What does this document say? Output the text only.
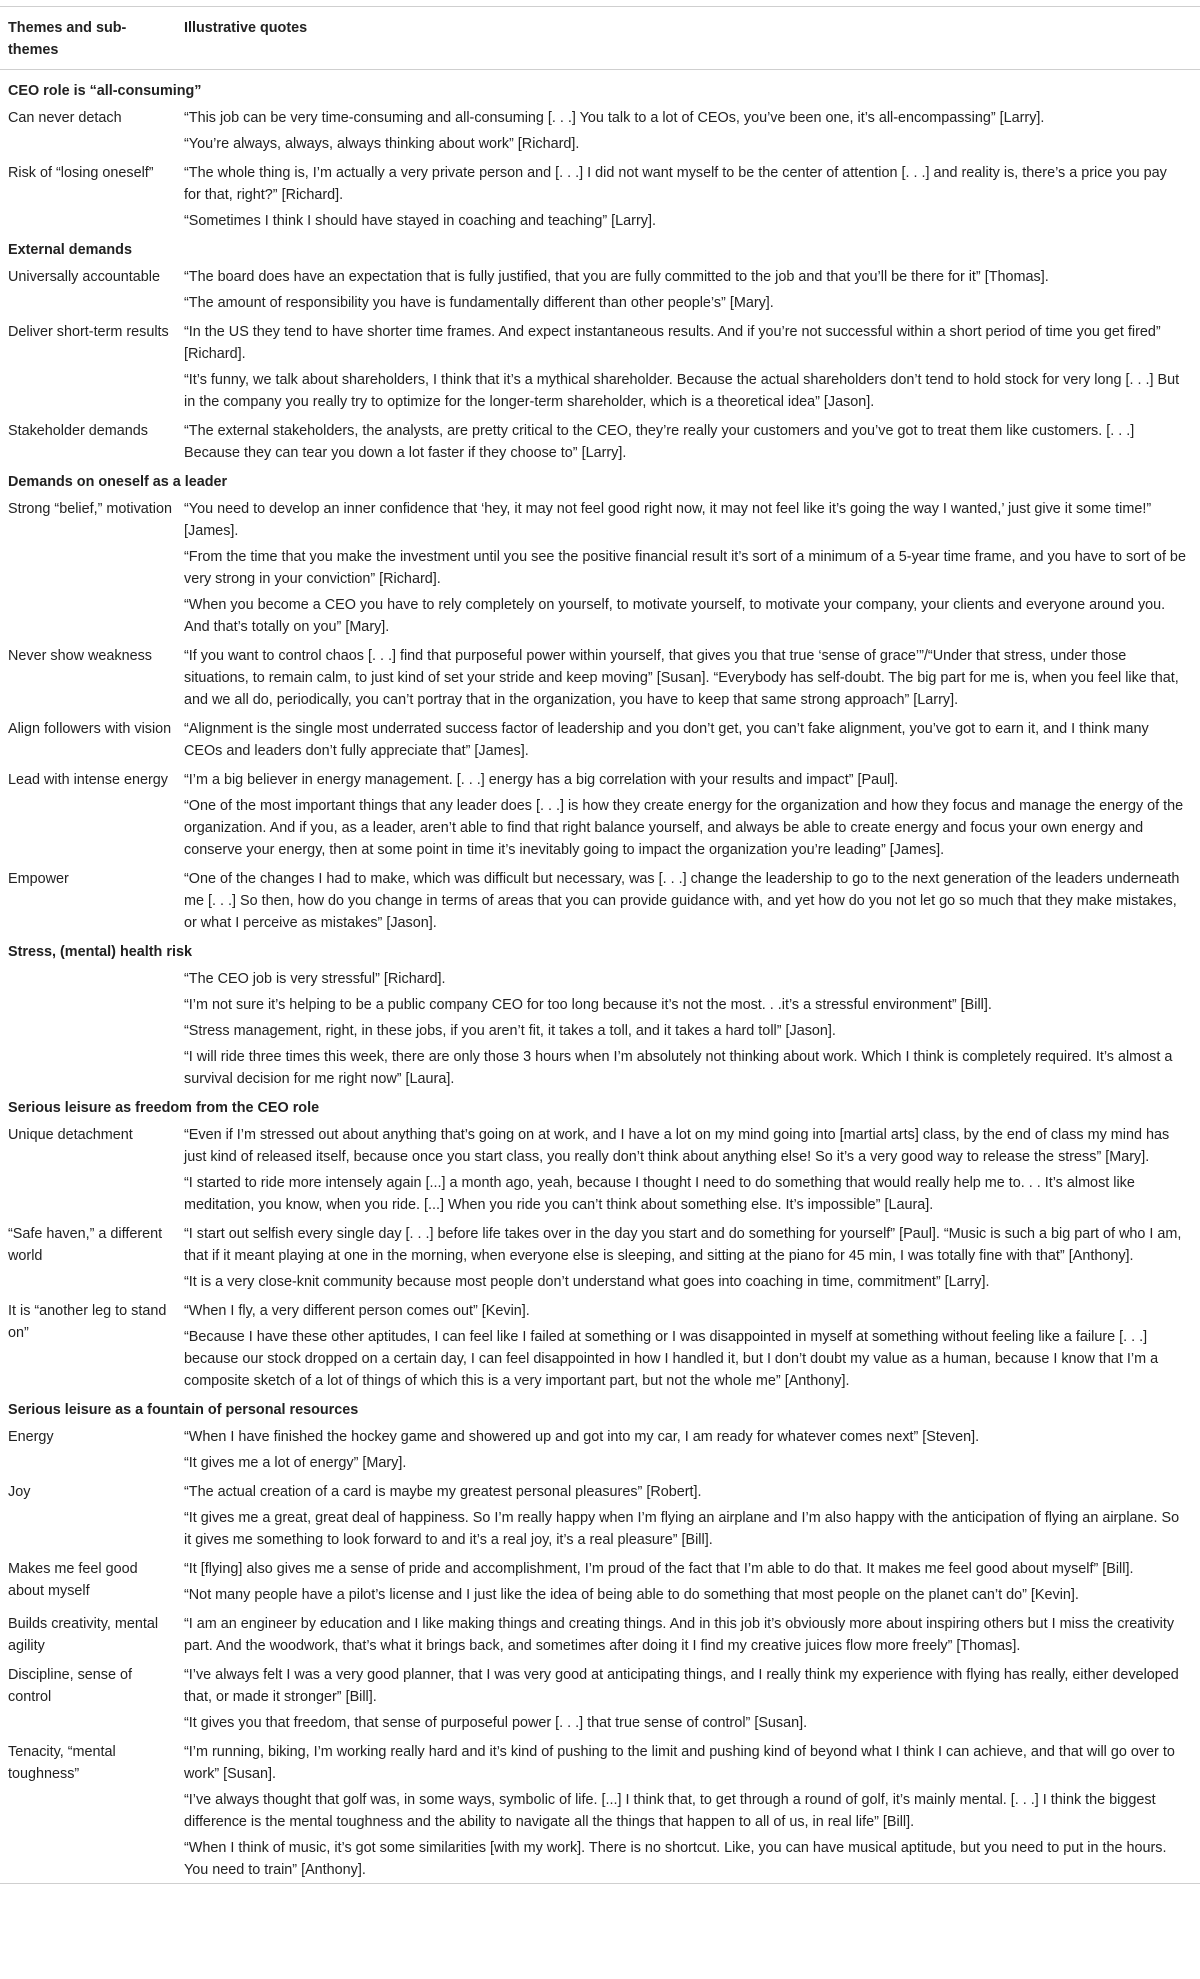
Themes and sub-themes	Illustrative quotes
CEO role is “all-consuming”	
Can never detach	“This job can be very time-consuming and all-consuming [. . .] You talk to a lot of CEOs, you’ve been one, it’s all-encompassing” [Larry].
	“You’re always, always, always thinking about work” [Richard].
Risk of “losing oneself”	“The whole thing is, I’m actually a very private person and [. . .] I did not want myself to be the center of attention [. . .] and reality is, there’s a price you pay for that, right?” [Richard].
	“Sometimes I think I should have stayed in coaching and teaching” [Larry].
External demands	
Universally accountable	“The board does have an expectation that is fully justified, that you are fully committed to the job and that you’ll be there for it” [Thomas].
	“The amount of responsibility you have is fundamentally different than other people’s” [Mary].
Deliver short-term results	“In the US they tend to have shorter time frames. And expect instantaneous results. And if you’re not successful within a short period of time you get fired” [Richard].
	“It’s funny, we talk about shareholders, I think that it’s a mythical shareholder. Because the actual shareholders don’t tend to hold stock for very long [. . .] But in the company you really try to optimize for the longer-term shareholder, which is a theoretical idea” [Jason].
Stakeholder demands	“The external stakeholders, the analysts, are pretty critical to the CEO, they’re really your customers and you’ve got to treat them like customers. [. . .] Because they can tear you down a lot faster if they choose to” [Larry].
Demands on oneself as a leader	
Strong “belief,” motivation	“You need to develop an inner confidence that ‘hey, it may not feel good right now, it may not feel like it’s going the way I wanted,’ just give it some time!” [James].
	“From the time that you make the investment until you see the positive financial result it’s sort of a minimum of a 5-year time frame, and you have to sort of be very strong in your conviction” [Richard].
	“When you become a CEO you have to rely completely on yourself, to motivate yourself, to motivate your company, your clients and everyone around you. And that’s totally on you” [Mary].
Never show weakness	“If you want to control chaos [. . .] find that purposeful power within yourself, that gives you that true ‘sense of grace’”/“Under that stress, under those situations, to remain calm, to just kind of set your stride and keep moving” [Susan]. “Everybody has self-doubt. The big part for me is, when you feel like that, and we all do, periodically, you can’t portray that in the organization, you have to keep that same strong approach” [Larry].
Align followers with vision	“Alignment is the single most underrated success factor of leadership and you don’t get, you can’t fake alignment, you’ve got to earn it, and I think many CEOs and leaders don’t fully appreciate that” [James].
Lead with intense energy	“I’m a big believer in energy management. [. . .] energy has a big correlation with your results and impact” [Paul].
	“One of the most important things that any leader does [. . .] is how they create energy for the organization and how they focus and manage the energy of the organization. And if you, as a leader, aren’t able to find that right balance yourself, and always be able to create energy and focus your own energy and conserve your energy, then at some point in time it’s inevitably going to impact the organization you’re leading” [James].
Empower	“One of the changes I had to make, which was difficult but necessary, was [. . .] change the leadership to go to the next generation of the leaders underneath me [. . .] So then, how do you change in terms of areas that you can provide guidance with, and yet how do you not let go so much that they make mistakes, or what I perceive as mistakes” [Jason].
Stress, (mental) health risk	
	“The CEO job is very stressful” [Richard].
	“I’m not sure it’s helping to be a public company CEO for too long because it’s not the most. . .it’s a stressful environment” [Bill].
	“Stress management, right, in these jobs, if you aren’t fit, it takes a toll, and it takes a hard toll” [Jason].
	“I will ride three times this week, there are only those 3 hours when I’m absolutely not thinking about work. Which I think is completely required. It’s almost a survival decision for me right now” [Laura].
Serious leisure as freedom from the CEO role	
Unique detachment	“Even if I’m stressed out about anything that’s going on at work, and I have a lot on my mind going into [martial arts] class, by the end of class my mind has just kind of released itself, because once you start class, you really don’t think about anything else! So it’s a very good way to release the stress” [Mary].
	“I started to ride more intensely again [...] a month ago, yeah, because I thought I need to do something that would really help me to. . . It’s almost like meditation, you know, when you ride. [...] When you ride you can’t think about something else. It’s impossible” [Laura].
“Safe haven,” a different world	“I start out selfish every single day [. . .] before life takes over in the day you start and do something for yourself” [Paul]. “Music is such a big part of who I am, that if it meant playing at one in the morning, when everyone else is sleeping, and sitting at the piano for 45 min, I was totally fine with that” [Anthony].
	“It is a very close-knit community because most people don’t understand what goes into coaching in time, commitment” [Larry].
It is “another leg to stand on”	“When I fly, a very different person comes out” [Kevin].
	“Because I have these other aptitudes, I can feel like I failed at something or I was disappointed in myself at something without feeling like a failure [. . .] because our stock dropped on a certain day, I can feel disappointed in how I handled it, but I don’t doubt my value as a human, because I know that I’m a composite sketch of a lot of things of which this is a very important part, but not the whole me” [Anthony].
Serious leisure as a fountain of personal resources	
Energy	“When I have finished the hockey game and showered up and got into my car, I am ready for whatever comes next” [Steven].
	“It gives me a lot of energy” [Mary].
Joy	“The actual creation of a card is maybe my greatest personal pleasures” [Robert].
	“It gives me a great, great deal of happiness. So I’m really happy when I’m flying an airplane and I’m also happy with the anticipation of flying an airplane. So it gives me something to look forward to and it’s a real joy, it’s a real pleasure” [Bill].
Makes me feel good about myself	“It [flying] also gives me a sense of pride and accomplishment, I’m proud of the fact that I’m able to do that. It makes me feel good about myself” [Bill].
	“Not many people have a pilot’s license and I just like the idea of being able to do something that most people on the planet can’t do” [Kevin].
Builds creativity, mental agility	“I am an engineer by education and I like making things and creating things. And in this job it’s obviously more about inspiring others but I miss the creativity part. And the woodwork, that’s what it brings back, and sometimes after doing it I find my creative juices flow more freely” [Thomas].
Discipline, sense of control	“I’ve always felt I was a very good planner, that I was very good at anticipating things, and I really think my experience with flying has really, either developed that, or made it stronger” [Bill].
	“It gives you that freedom, that sense of purposeful power [. . .] that true sense of control” [Susan].
Tenacity, “mental toughness”	“I’m running, biking, I’m working really hard and it’s kind of pushing to the limit and pushing kind of beyond what I think I can achieve, and that will go over to work” [Susan].
	“I’ve always thought that golf was, in some ways, symbolic of life. [...] I think that, to get through a round of golf, it’s mainly mental. [. . .] I think the biggest difference is the mental toughness and the ability to navigate all the things that happen to all of us, in real life” [Bill].
	“When I think of music, it’s got some similarities [with my work]. There is no shortcut. Like, you can have musical aptitude, but you need to put in the hours. You need to train” [Anthony].
